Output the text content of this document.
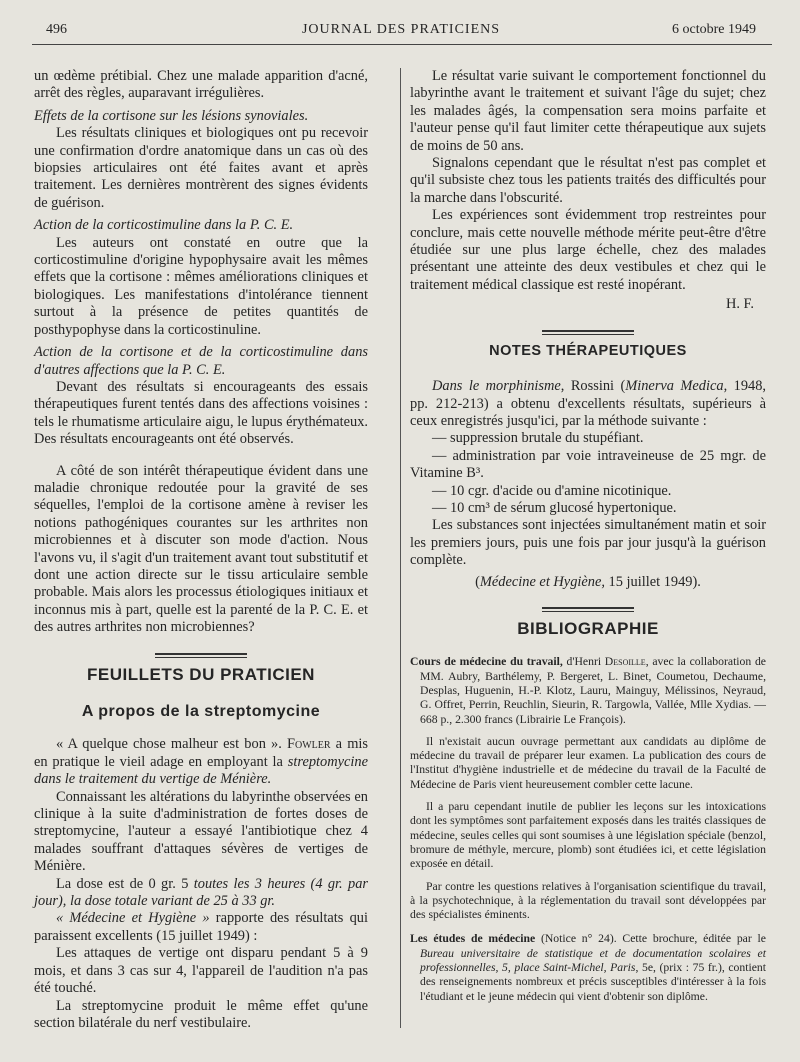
496	JOURNAL DES PRATICIENS	6 octobre 1949

un œdème prétibial. Chez une malade apparition d'acné, arrêt des règles, auparavant irrégulières.

Effets de la cortisone sur les lésions synoviales.

Les résultats cliniques et biologiques ont pu recevoir une confirmation d'ordre anatomique dans un cas où des biopsies articulaires ont été faites avant et après traitement. Les dernières montrèrent des signes évidents de guérison.

Action de la corticostimuline dans la P. C. E.

Les auteurs ont constaté en outre que la corticostimuline d'origine hypophysaire avait les mêmes effets que la cortisone : mêmes améliorations cliniques et biologiques. Les manifestations d'intolérance tiennent surtout à la présence de petites quantités de posthypophyse dans la corticostinuline.

Action de la cortisone et de la corticostimuline dans d'autres affections que la P. C. E.

Devant des résultats si encourageants des essais thérapeutiques furent tentés dans des affections voisines : tels le rhumatisme articulaire aigu, le lupus érythémateux. Des résultats encourageants ont été observés.

A côté de son intérêt thérapeutique évident dans une maladie chronique redoutée pour la gravité de ses séquelles, l'emploi de la cortisone amène à reviser les notions pathogéniques courantes sur les arthrites non microbiennes et à discuter son mode d'action. Nous l'avons vu, il s'agit d'un traitement avant tout substitutif et dont une action directe sur le tissu articulaire semble probable. Mais alors les processus étiologiques initiaux et inconnus mis à part, quelle est la parenté de la P. C. E. et des autres arthrites non microbiennes?

FEUILLETS DU PRATICIEN
A propos de la streptomycine

« A quelque chose malheur est bon ». Fowler a mis en pratique le vieil adage en employant la streptomycine dans le traitement du vertige de Ménière.

Connaissant les altérations du labyrinthe observées en clinique à la suite d'administration de fortes doses de streptomycine, l'auteur a essayé l'antibiotique chez 4 malades souffrant d'attaques sévères de vertiges de Ménière.

La dose est de 0 gr. 5 toutes les 3 heures (4 gr. par jour), la dose totale variant de 25 à 33 gr.

« Médecine et Hygiène » rapporte des résultats qui paraissent excellents (15 juillet 1949) :

Les attaques de vertige ont disparu pendant 5 à 9 mois, et dans 3 cas sur 4, l'appareil de l'audition n'a pas été touché.

La streptomycine produit le même effet qu'une section bilatérale du nerf vestibulaire.

Le résultat varie suivant le comportement fonctionnel du labyrinthe avant le traitement et suivant l'âge du sujet; chez les malades âgés, la compensation sera moins parfaite et l'auteur pense qu'il faut limiter cette thérapeutique aux sujets de moins de 50 ans.

Signalons cependant que le résultat n'est pas complet et qu'il subsiste chez tous les patients traités des difficultés pour la marche dans l'obscurité.

Les expériences sont évidemment trop restreintes pour conclure, mais cette nouvelle méthode mérite peut-être d'être étudiée sur une plus large échelle, chez des malades présentant une atteinte des deux vestibules et chez qui le traitement médical classique est resté inopérant.

H. F.

NOTES THÉRAPEUTIQUES

Dans le morphinisme, Rossini (Minerva Medica, 1948, pp. 212-213) a obtenu d'excellents résultats, supérieurs à ceux enregistrés jusqu'ici, par la méthode suivante :

— suppression brutale du stupéfiant.

— administration par voie intraveineuse de 25 mgr. de Vitamine B³.

— 10 cgr. d'acide ou d'amine nicotinique.

— 10 cm³ de sérum glucosé hypertonique.

Les substances sont injectées simultanément matin et soir les premiers jours, puis une fois par jour jusqu'à la guérison complète.

(Médecine et Hygiène, 15 juillet 1949).

BIBLIOGRAPHIE

Cours de médecine du travail, d'Henri Desoille, avec la collaboration de MM. Aubry, Barthélemy, P. Bergeret, L. Binet, Coumetou, Dechaume, Desplas, Huguenin, H.-P. Klotz, Lauru, Mainguy, Mélissinos, Neyraud, G. Offret, Perrin, Reuchlin, Sieurin, R. Targowla, Vallée, Mlle Xydias. — 668 p., 2.300 francs (Librairie Le François).

Il n'existait aucun ouvrage permettant aux candidats au diplôme de médecine du travail de préparer leur examen. La publication des cours de l'Institut d'hygiène industrielle et de médecine du travail de la Faculté de Médecine de Paris vient heureusement combler cette lacune.

Il a paru cependant inutile de publier les leçons sur les intoxications dont les symptômes sont parfaitement exposés dans les traités classiques de médecine, seules celles qui sont soumises à une législation spéciale (benzol, bromure de méthyle, mercure, plomb) sont étudiées ici, et cette législation exposée en détail.

Par contre les questions relatives à l'organisation scientifique du travail, à la psychotechnique, à la réglementation du travail sont développées par des spécialistes éminents.

Les études de médecine (Notice n° 24). Cette brochure, éditée par le Bureau universitaire de statistique et de documentation scolaires et professionnelles, 5, place Saint-Michel, Paris, 5e, (prix : 75 fr.), contient des renseignements nombreux et précis susceptibles d'intéresser à la fois l'étudiant et le jeune médecin qui vient d'obtenir son diplôme.
